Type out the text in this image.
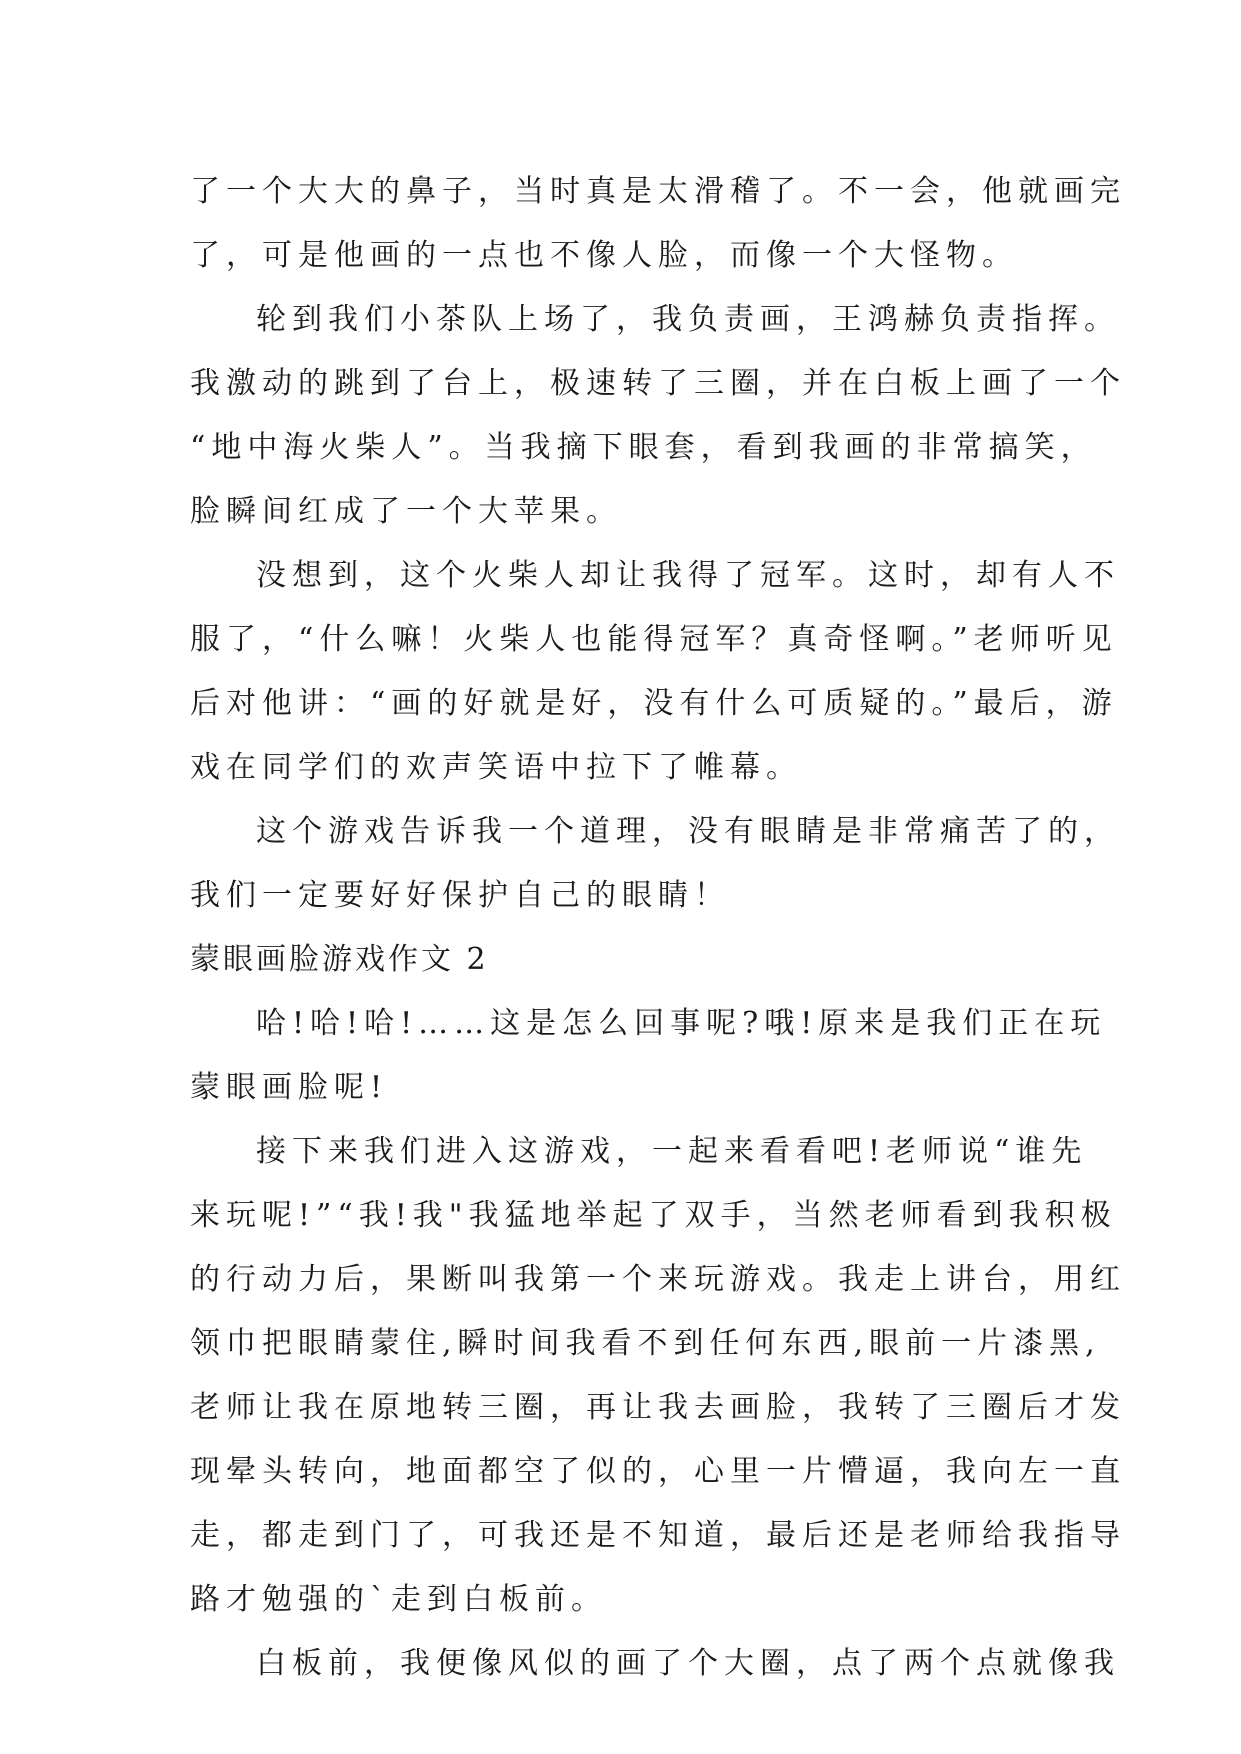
了一个大大的鼻子，当时真是太滑稽了。不一会，他就画完
了，可是他画的一点也不像人脸，而像一个大怪物。
轮到我们小茶队上场了，我负责画，王鸿赫负责指挥。
我激动的跳到了台上，极速转了三圈，并在白板上画了一个
“地中海火柴人”。当我摘下眼套，看到我画的非常搞笑，
脸瞬间红成了一个大苹果。
没想到，这个火柴人却让我得了冠军。这时，却有人不
服了，“什么嘛！火柴人也能得冠军？真奇怪啊。”老师听见
后对他讲：“画的好就是好，没有什么可质疑的。”最后，游
戏在同学们的欢声笑语中拉下了帷幕。
这个游戏告诉我一个道理，没有眼睛是非常痛苦了的，
我们一定要好好保护自己的眼睛！
蒙眼画脸游戏作文 2
哈!哈!哈!……这是怎么回事呢?哦!原来是我们正在玩
蒙眼画脸呢!
接下来我们进入这游戏，一起来看看吧!老师说“谁先
来玩呢!”“我!我"我猛地举起了双手，当然老师看到我积极
的行动力后，果断叫我第一个来玩游戏。我走上讲台，用红
领巾把眼睛蒙住,瞬时间我看不到任何东西,眼前一片漆黑,
老师让我在原地转三圈，再让我去画脸，我转了三圈后才发
现晕头转向，地面都空了似的，心里一片懵逼，我向左一直
走，都走到门了，可我还是不知道，最后还是老师给我指导
路才勉强的`走到白板前。
白板前，我便像风似的画了个大圈，点了两个点就像我
